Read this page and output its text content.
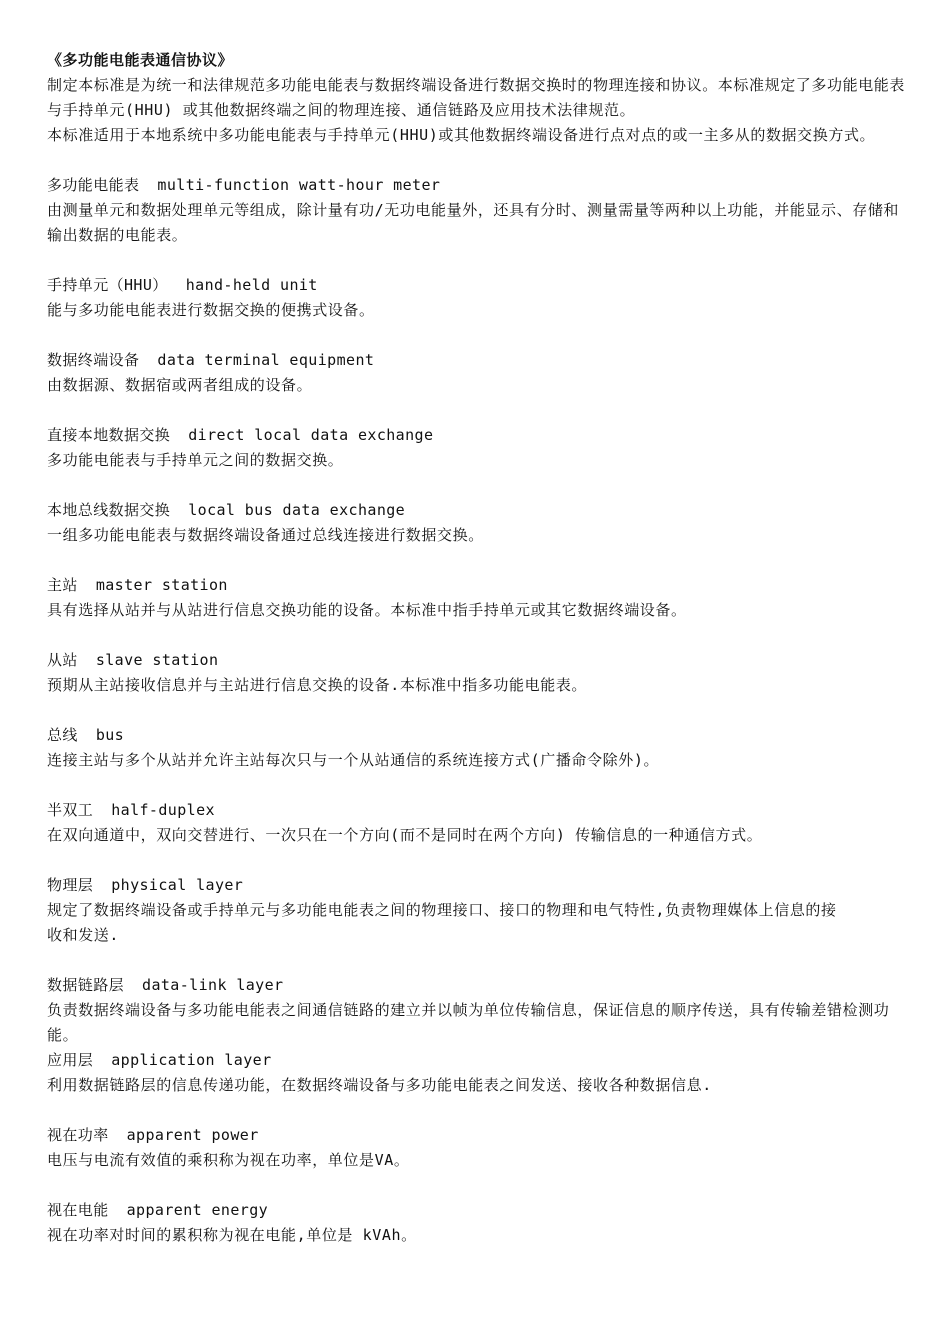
《多功能电能表通信协议》

制定本标准是为统一和法律规范多功能电能表与数据终端设备进行数据交换时的物理连接和协议。本标准规定了多功能电能表与手持单元(HHU) 或其他数据终端之间的物理连接、通信链路及应用技术法律规范。

本标准适用于本地系统中多功能电能表与手持单元(HHU)或其他数据终端设备进行点对点的或一主多从的数据交换方式。

多功能电能表 multi-function watt-hour meter

由测量单元和数据处理单元等组成，除计量有功/无功电能量外，还具有分时、测量需量等两种以上功能，并能显示、存储和输出数据的电能表。

手持单元（HHU） hand-held unit

能与多功能电能表进行数据交换的便携式设备。

数据终端设备 data terminal equipment

由数据源、数据宿或两者组成的设备。

直接本地数据交换 direct local data exchange

多功能电能表与手持单元之间的数据交换。

本地总线数据交换 local bus data exchange

一组多功能电能表与数据终端设备通过总线连接进行数据交换。

主站 master station

具有选择从站并与从站进行信息交换功能的设备。本标准中指手持单元或其它数据终端设备。

从站 slave station

预期从主站接收信息并与主站进行信息交换的设备.本标准中指多功能电能表。

总线 bus

连接主站与多个从站并允许主站每次只与一个从站通信的系统连接方式(广播命令除外)。

半双工 half-duplex

在双向通道中，双向交替进行、一次只在一个方向(而不是同时在两个方向) 传输信息的一种通信方式。

物理层 physical layer

规定了数据终端设备或手持单元与多功能电能表之间的物理接口、接口的物理和电气特性,负责物理媒体上信息的接收和发送.

数据链路层 data-link layer

负责数据终端设备与多功能电能表之间通信链路的建立并以帧为单位传输信息，保证信息的顺序传送，具有传输差错检测功能。

应用层 application layer

利用数据链路层的信息传递功能，在数据终端设备与多功能电能表之间发送、接收各种数据信息.

视在功率 apparent power

电压与电流有效值的乘积称为视在功率，单位是VA。

视在电能 apparent energy

视在功率对时间的累积称为视在电能,单位是 kVAh。
